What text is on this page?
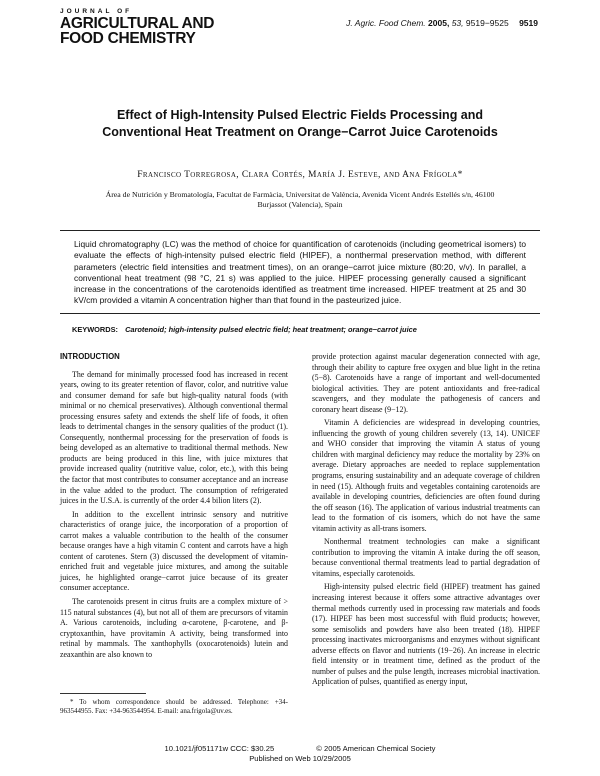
JOURNAL OF
AGRICULTURAL AND
FOOD CHEMISTRY
J. Agric. Food Chem. 2005, 53, 9519−9525 9519
Effect of High-Intensity Pulsed Electric Fields Processing and Conventional Heat Treatment on Orange−Carrot Juice Carotenoids
Francisco Torregrosa, Clara Cortés, María J. Esteve, and Ana Frígola*
Área de Nutrición y Bromatología, Facultat de Farmàcia, Universitat de València, Avenida Vicent Andrés Estellés s/n, 46100 Burjassot (Valencia), Spain
Liquid chromatography (LC) was the method of choice for quantification of carotenoids (including geometrical isomers) to evaluate the effects of high-intensity pulsed electric field (HIPEF), a nonthermal preservation method, with different parameters (electric field intensities and treatment times), on an orange−carrot juice mixture (80:20, v/v). In parallel, a conventional heat treatment (98 °C, 21 s) was applied to the juice. HIPEF processing generally caused a significant increase in the concentrations of the carotenoids identified as treatment time increased. HIPEF treatment at 25 and 30 kV/cm provided a vitamin A concentration higher than that found in the pasteurized juice.
KEYWORDS: Carotenoid; high-intensity pulsed electric field; heat treatment; orange−carrot juice
INTRODUCTION

The demand for minimally processed food has increased in recent years, owing to its greater retention of flavor, color, and nutritive value and consumer demand for safe but high-quality natural foods (with minimal or no chemical preservatives). Although conventional thermal processing ensures safety and extends the shelf life of foods, it often leads to detrimental changes in the sensory qualities of the product (1). Consequently, nonthermal processing for the preservation of foods is being developed as an alternative to traditional thermal methods. New products are being produced in this line, with juice mixtures that provide increased quality (nutritive value, color, etc.), with this being the factor that most contributes to consumer acceptance and an increase in the value added to the product. The consumption of refrigerated juices in the U.S.A. is currently of the order 4.4 bilion liters (2).

In addition to the excellent intrinsic sensory and nutritive characteristics of orange juice, the incorporation of a proportion of carrot makes a valuable contribution to the health of the consumer because oranges have a high vitamin C content and carrots have a high content of carotenes. Stern (3) discussed the development of vitamin-enriched fruit and vegetable juice mixtures, and among the suitable juices, he highlighted orange−carrot juice because of its greater consumer acceptance.

The carotenoids present in citrus fruits are a complex mixture of > 115 natural substances (4), but not all of them are precursors of vitamin A. Various carotenoids, including α-carotene, β-carotene, and β-cryptoxanthin, have provitamin A activity, being transformed into retinal by mammals. The xanthophylls (oxocarotenoids) lutein and zeaxanthin are also known to

provide protection against macular degeneration connected with age, through their ability to capture free oxygen and blue light in the retina (5−8). Carotenoids have a range of important and well-documented biological activities. They are potent antioxidants and free-radical scavengers, and they modulate the pathogenesis of cancers and coronary heart disease (9−12).

Vitamin A deficiencies are widespread in developing countries, influencing the growth of young children severely (13, 14). UNICEF and WHO consider that improving the vitamin A status of young children with marginal deficiency may reduce the mortality by 23% on average. Dietary approaches are needed to replace supplementation programs, ensuring sustainability and an adequate coverage of children in need (15). Although fruits and vegetables containing carotenoids are available in developing countries, deficiencies are often found during the off season (16). The application of various industrial treatments can lead to the formation of cis isomers, which do not have the same vitamin activity as all-trans isomers.

Nonthermal treatment technologies can make a significant contribution to improving the vitamin A intake during the off season, because conventional thermal treatments lead to partial degradation of vitamins, especially carotenoids.

High-intensity pulsed electric field (HIPEF) treatment has gained increasing interest because it offers some attractive advantages over thermal methods currently used in processing raw materials and foods (17). HIPEF has been most successful with fluid products; however, some semisolids and powders have also been treated (18). HIPEF processing inactivates microorganisms and enzymes without significant adverse effects on flavor and nutrients (19−26). An increase in electric field intensity or in treatment time, defined as the product of the number of pulses and the pulse length, increases microbial inactivation. Application of pulses, quantified as energy input,

* To whom correspondence should be addressed. Telephone: +34-963544955. Fax: +34-963544954. E-mail: ana.frigola@uv.es.
10.1021/jf051171w CCC: $30.25	© 2005 American Chemical Society
Published on Web 10/29/2005
